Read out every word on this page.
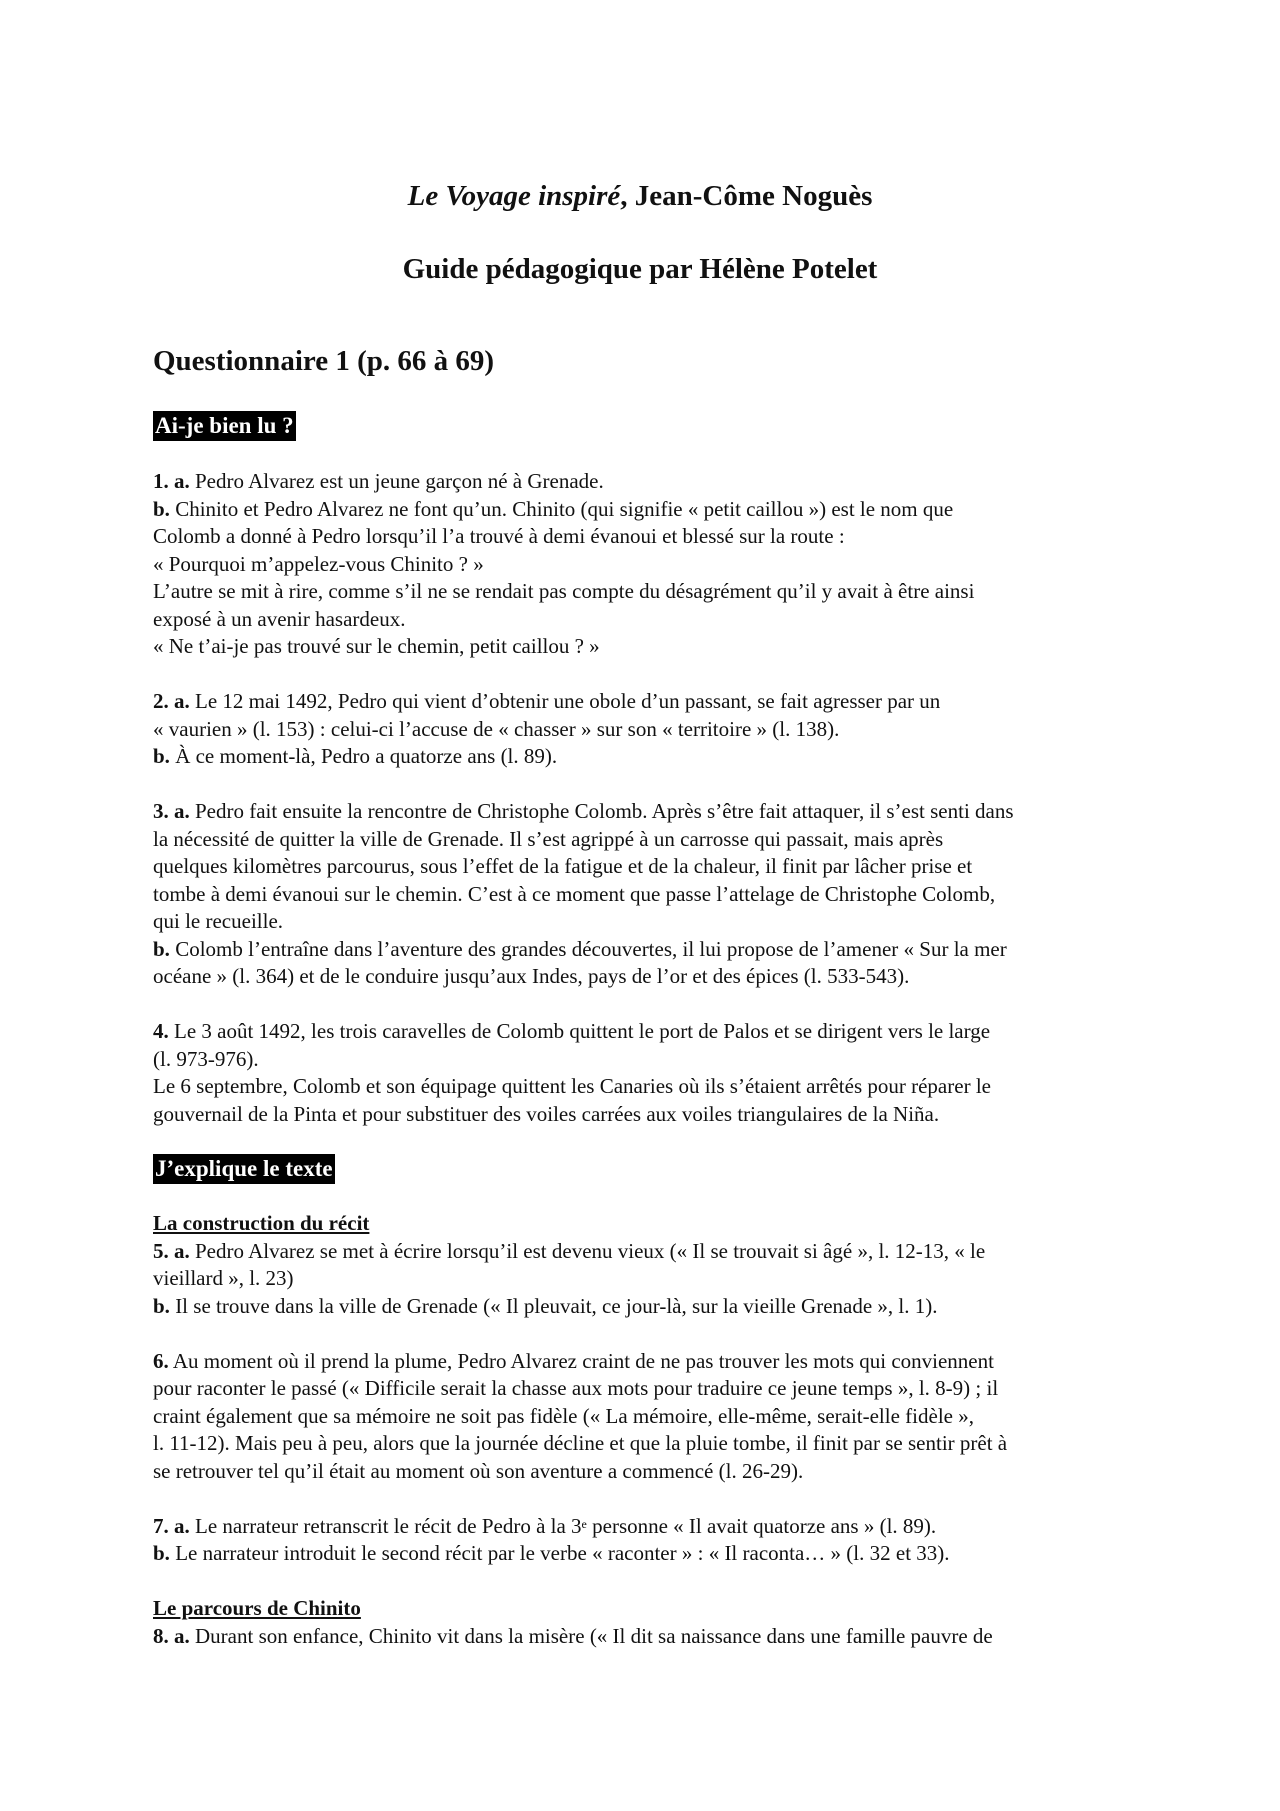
Le Voyage inspiré, Jean-Côme Noguès
Guide pédagogique par Hélène Potelet
Questionnaire 1 (p. 66 à 69)
Ai-je bien lu ?

1. a. Pedro Alvarez est un jeune garçon né à Grenade.
b. Chinito et Pedro Alvarez ne font qu’un. Chinito (qui signifie « petit caillou ») est le nom que
Colomb a donné à Pedro lorsqu’il l’a trouvé à demi évanoui et blessé sur la route :
« Pourquoi m’appelez-vous Chinito ? »
L’autre se mit à rire, comme s’il ne se rendait pas compte du désagrément qu’il y avait à être ainsi
exposé à un avenir hasardeux.
« Ne t’ai-je pas trouvé sur le chemin, petit caillou ? »

2. a. Le 12 mai 1492, Pedro qui vient d’obtenir une obole d’un passant, se fait agresser par un
« vaurien » (l. 153) : celui-ci l’accuse de « chasser » sur son « territoire » (l. 138).
b. À ce moment-là, Pedro a quatorze ans (l. 89).

3. a. Pedro fait ensuite la rencontre de Christophe Colomb. Après s’être fait attaquer, il s’est senti dans
la nécessité de quitter la ville de Grenade. Il s’est agrippé à un carrosse qui passait, mais après
quelques kilomètres parcourus, sous l’effet de la fatigue et de la chaleur, il finit par lâcher prise et
tombe à demi évanoui sur le chemin. C’est à ce moment que passe l’attelage de Christophe Colomb,
qui le recueille.
b. Colomb l’entraîne dans l’aventure des grandes découvertes, il lui propose de l’amener « Sur la mer
océane » (l. 364) et de le conduire jusqu’aux Indes, pays de l’or et des épices (l. 533-543).

4. Le 3 août 1492, les trois caravelles de Colomb quittent le port de Palos et se dirigent vers le large
(l. 973-976).
Le 6 septembre, Colomb et son équipage quittent les Canaries où ils s’étaient arrêtés pour réparer le
gouvernail de la Pinta et pour substituer des voiles carrées aux voiles triangulaires de la Niña.

J’explique le texte

La construction du récit
5. a. Pedro Alvarez se met à écrire lorsqu’il est devenu vieux (« Il se trouvait si âgé », l. 12-13, « le
vieillard », l. 23)
b. Il se trouve dans la ville de Grenade (« Il pleuvait, ce jour-là, sur la vieille Grenade », l. 1).

6. Au moment où il prend la plume, Pedro Alvarez craint de ne pas trouver les mots qui conviennent
pour raconter le passé (« Difficile serait la chasse aux mots pour traduire ce jeune temps », l. 8-9) ; il
craint également que sa mémoire ne soit pas fidèle (« La mémoire, elle-même, serait-elle fidèle »,
l. 11-12). Mais peu à peu, alors que la journée décline et que la pluie tombe, il finit par se sentir prêt à
se retrouver tel qu’il était au moment où son aventure a commencé (l. 26-29).

7. a. Le narrateur retranscrit le récit de Pedro à la 3e personne « Il avait quatorze ans » (l. 89).
b. Le narrateur introduit le second récit par le verbe « raconter » : « Il raconta… » (l. 32 et 33).

Le parcours de Chinito
8. a. Durant son enfance, Chinito vit dans la misère (« Il dit sa naissance dans une famille pauvre de
